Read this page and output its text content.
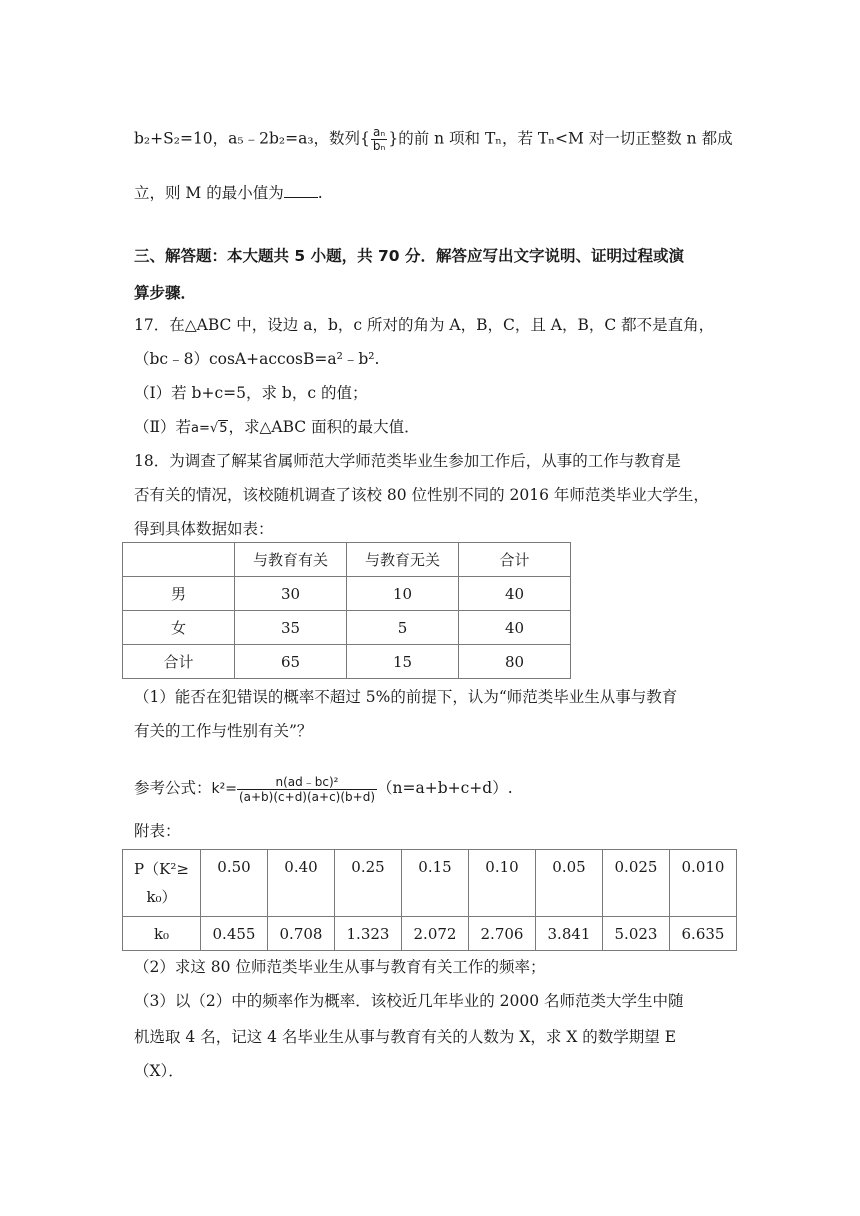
b₂+S₂=10，a₅﹣2b₂=a₃，数列{ $\frac{\text{aₙ}}{\text{bₙ}}$ }的前 n 项和 Tₙ，若 Tₙ<M 对一切正整数 n 都成
立，则 M 的最小值为 .
三、解答题：本大题共 5 小题，共 70 分．解答应写出文字说明、证明过程或演
算步骤．
17．在△ABC 中，设边 a，b，c 所对的角为 A，B，C，且 A，B，C 都不是直角，
（bc﹣8）cosA+accosB=a²﹣b².
（Ⅰ）若 b+c=5，求 b，c 的值；
（Ⅱ）若a=√5，求△ABC 面积的最大值．
18．为调查了解某省属师范大学师范类毕业生参加工作后，从事的工作与教育是
否有关的情况，该校随机调查了该校 80 位性别不同的 2016 年师范类毕业大学生，
得到具体数据如表：
	与教育有关	与教育无关	合计
男	30	10	40
女	35	5	40
合计	65	15	80
（1）能否在犯错误的概率不超过 5%的前提下，认为“师范类毕业生从事与教育
有关的工作与性别有关”？
参考公式：$k^2= \frac{\text{n(ad﹣bc)²}}{(a+b)(c+d)(a+c)(b+d)} (n=a+b+c+d)$.
附表：
P（K²≥
k₀）	0.50	0.40	0.25	0.15	0.10	0.05	0.025	0.010
k₀	0.455	0.708	1.323	2.072	2.706	3.841	5.023	6.635
（2）求这 80 位师范类毕业生从事与教育有关工作的频率；
（3）以（2）中的频率作为概率．该校近几年毕业的 2000 名师范类大学生中随
机选取 4 名，记这 4 名毕业生从事与教育有关的人数为 X，求 X 的数学期望 E
（X）．
